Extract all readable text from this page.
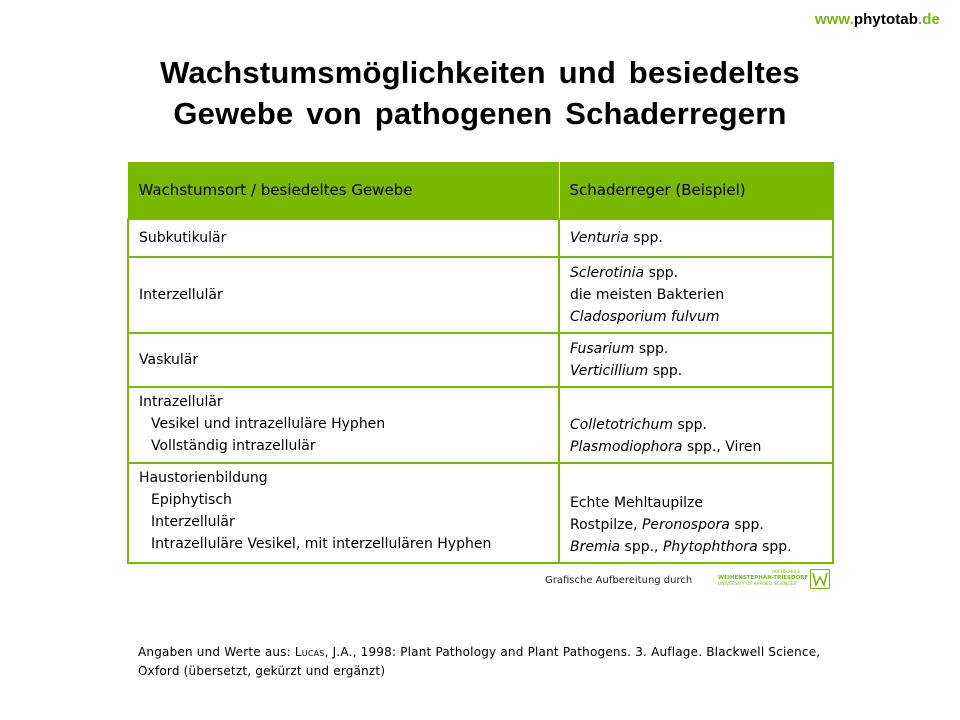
www.phytotab.de
Wachstumsmöglichkeiten und besiedeltes
Gewebe von pathogenen Schaderregern
Wachstumsort / besiedeltes Gewebe	Schaderreger (Beispiel)

Subkutikulär	Venturia spp.

Interzellulär	Sclerotinia spp.
die meisten Bakterien
Cladosporium fulvum

Vaskulär	Fusarium spp.
Verticillium spp.

Intrazellulär
Vesikel und intrazelluläre Hyphen
Vollständig intrazellulär	Colletotrichum spp.
Plasmodiophora spp., Viren

Haustorienbildung
Epiphytisch
Interzellulär
Intrazelluläre Vesikel, mit interzellulären Hyphen	Echte Mehltaupilze
Rostpilze, Peronospora spp.
Bremia spp., Phytophthora spp.
Grafische Aufbereitung durch
HOCHSCHULE
WEIHENSTEPHAN-TRIESDORF
UNIVERSITY OF APPLIED SCIENCES
Angaben und Werte aus: Lucas, J.A., 1998: Plant Pathology and Plant Pathogens. 3. Auflage. Blackwell Science, Oxford (übersetzt, gekürzt und ergänzt)
